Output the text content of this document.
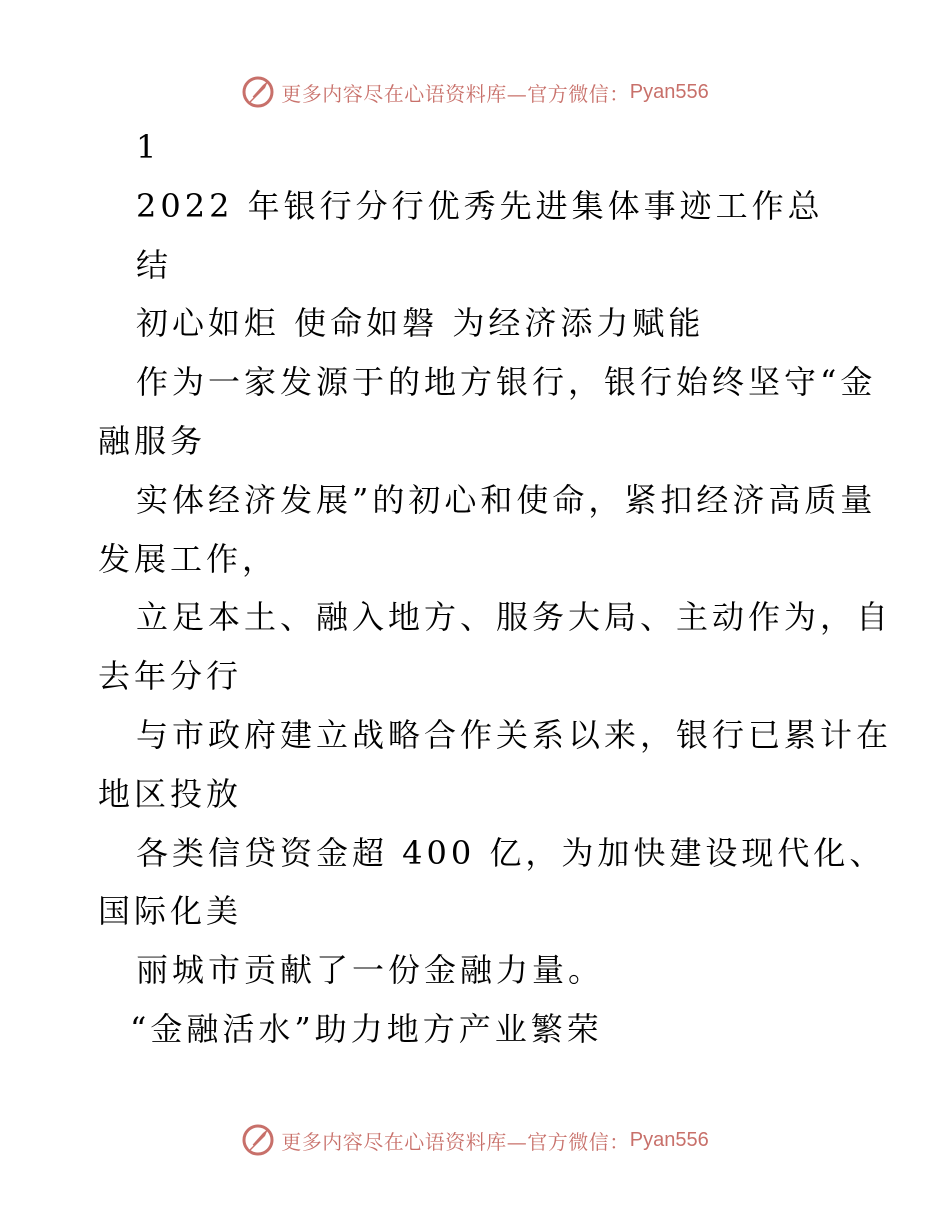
更多内容尽在心语资料库—官方微信： Pyan556
1
2022 年银行分行优秀先进集体事迹工作总
结
初心如炬 使命如磐 为经济添力赋能
作为一家发源于的地方银行，银行始终坚守“金
融服务
实体经济发展”的初心和使命，紧扣经济高质量
发展工作，
立足本土、融入地方、服务大局、主动作为，自
去年分行
与市政府建立战略合作关系以来，银行已累计在
地区投放
各类信贷资金超 400 亿，为加快建设现代化、
国际化美
丽城市贡献了一份金融力量。
“金融活水”助力地方产业繁荣
更多内容尽在心语资料库—官方微信： Pyan556
